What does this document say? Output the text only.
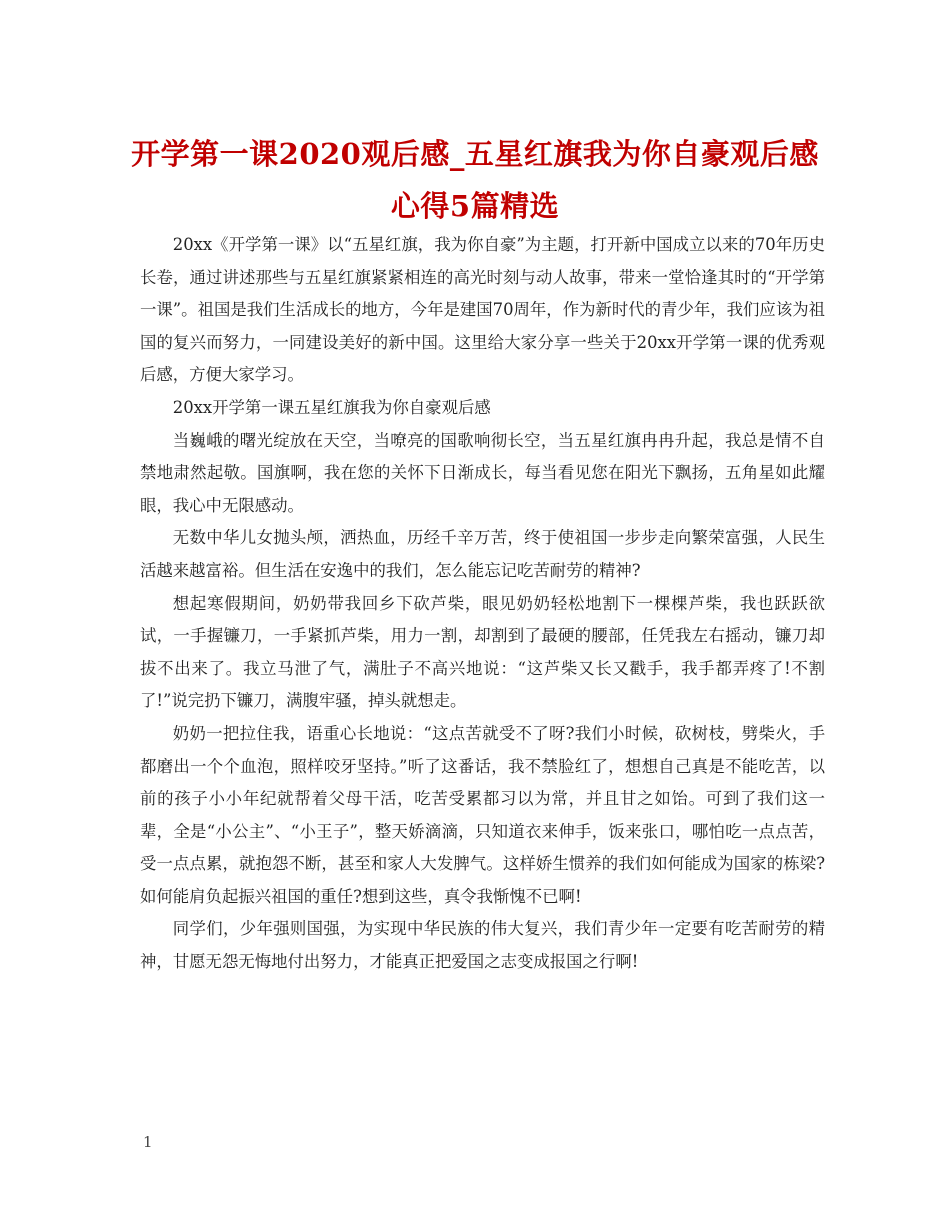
开学第一课2020观后感_五星红旗我为你自豪观后感心得5篇精选

20xx《开学第一课》以“五星红旗，我为你自豪”为主题，打开新中国成立以来的70年历史长卷，通过讲述那些与五星红旗紧紧相连的高光时刻与动人故事，带来一堂恰逢其时的“开学第一课”。祖国是我们生活成长的地方，今年是建国70周年，作为新时代的青少年，我们应该为祖国的复兴而努力，一同建设美好的新中国。这里给大家分享一些关于20xx开学第一课的优秀观后感，方便大家学习。

20xx开学第一课五星红旗我为你自豪观后感

当巍峨的曙光绽放在天空，当嘹亮的国歌响彻长空，当五星红旗冉冉升起，我总是情不自禁地肃然起敬。国旗啊，我在您的关怀下日渐成长，每当看见您在阳光下飘扬，五角星如此耀眼，我心中无限感动。

无数中华儿女抛头颅，洒热血，历经千辛万苦，终于使祖国一步步走向繁荣富强，人民生活越来越富裕。但生活在安逸中的我们，怎么能忘记吃苦耐劳的精神?

想起寒假期间，奶奶带我回乡下砍芦柴，眼见奶奶轻松地割下一棵棵芦柴，我也跃跃欲试，一手握镰刀，一手紧抓芦柴，用力一割，却割到了最硬的腰部，任凭我左右摇动，镰刀却拔不出来了。我立马泄了气，满肚子不高兴地说：“这芦柴又长又戳手，我手都弄疼了!不割了!”说完扔下镰刀，满腹牢骚，掉头就想走。

奶奶一把拉住我，语重心长地说：“这点苦就受不了呀?我们小时候，砍树枝，劈柴火，手都磨出一个个血泡，照样咬牙坚持。”听了这番话，我不禁脸红了，想想自己真是不能吃苦，以前的孩子小小年纪就帮着父母干活，吃苦受累都习以为常，并且甘之如饴。可到了我们这一辈，全是“小公主”、“小王子”，整天娇滴滴，只知道衣来伸手，饭来张口，哪怕吃一点点苦，受一点点累，就抱怨不断，甚至和家人大发脾气。这样娇生惯养的我们如何能成为国家的栋梁?如何能肩负起振兴祖国的重任?想到这些，真令我惭愧不已啊!

同学们，少年强则国强，为实现中华民族的伟大复兴，我们青少年一定要有吃苦耐劳的精神，甘愿无怨无悔地付出努力，才能真正把爱国之志变成报国之行啊!

1
